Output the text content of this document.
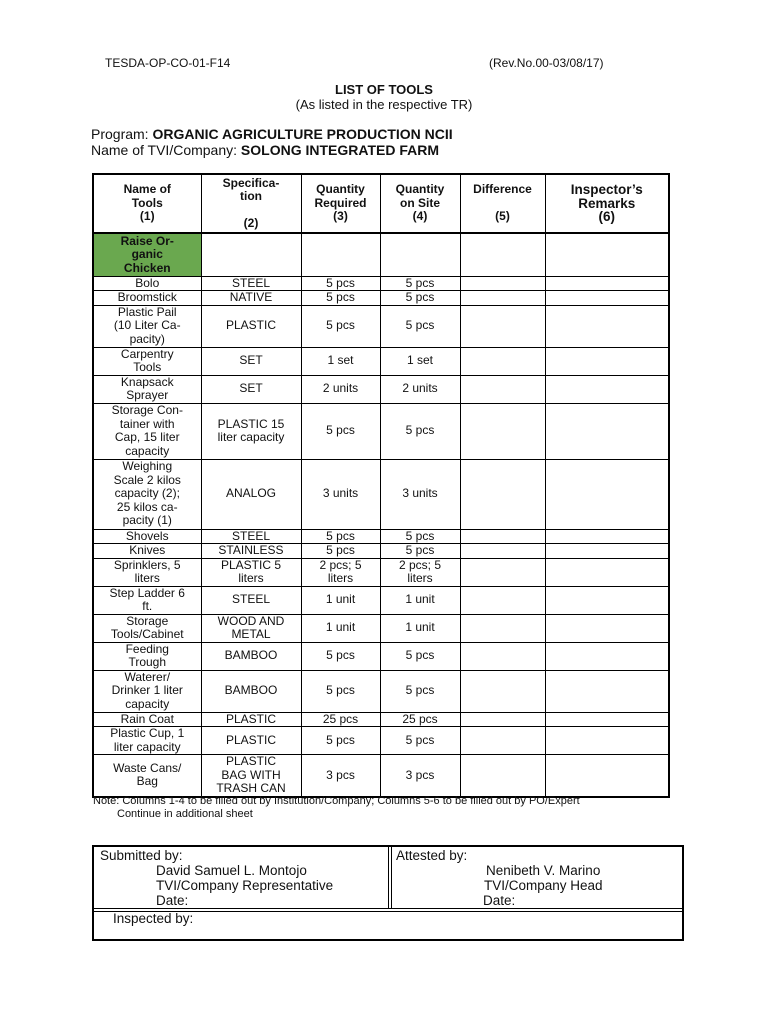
TESDA-OP-CO-01-F14	(Rev.No.00-03/08/17)
LIST OF TOOLS
(As listed in the respective TR)
Program: ORGANIC AGRICULTURE PRODUCTION NCII
Name of TVI/Company: SOLONG INTEGRATED FARM
Name of
Tools
(1)	Specifica-
tion

(2)	Quantity
Required
(3)	Quantity
on Site
(4)	Difference

(5)	Inspector’s
Remarks
(6)
Raise Or-
ganic
Chicken					
Bolo	STEEL	5 pcs	5 pcs		
Broomstick	NATIVE	5 pcs	5 pcs		
Plastic Pail
(10 Liter Ca-
pacity)	PLASTIC	5 pcs	5 pcs		
Carpentry
Tools	SET	1 set	1 set		
Knapsack
Sprayer	SET	2 units	2 units		
Storage Con-
tainer with
Cap, 15 liter
capacity	PLASTIC 15
liter capacity	5 pcs	5 pcs		
Weighing
Scale 2 kilos
capacity (2);
25 kilos ca-
pacity (1)	ANALOG	3 units	3 units		
Shovels	STEEL	5 pcs	5 pcs		
Knives	STAINLESS	5 pcs	5 pcs		
Sprinklers, 5
liters	PLASTIC 5
liters	2 pcs; 5
liters	2 pcs; 5
liters		
Step Ladder 6
ft.	STEEL	1 unit	1 unit		
Storage
Tools/Cabinet	WOOD AND
METAL	1 unit	1 unit		
Feeding
Trough	BAMBOO	5 pcs	5 pcs		
Waterer/
Drinker 1 liter
capacity	BAMBOO	5 pcs	5 pcs		
Rain Coat	PLASTIC	25 pcs	25 pcs		
Plastic Cup, 1
liter capacity	PLASTIC	5 pcs	5 pcs		
Waste Cans/
Bag	PLASTIC
BAG WITH
TRASH CAN	3 pcs	3 pcs		
Note: Columns 1-4 to be filled out by Institution/Company; Columns 5-6 to be filled out by PO/Expert
Continue in additional sheet
Submitted by:
David Samuel L. Montojo
TVI/Company Representative
Date:
Attested by:
Nenibeth V. Marino
TVI/Company Head
Date:
Inspected by:
